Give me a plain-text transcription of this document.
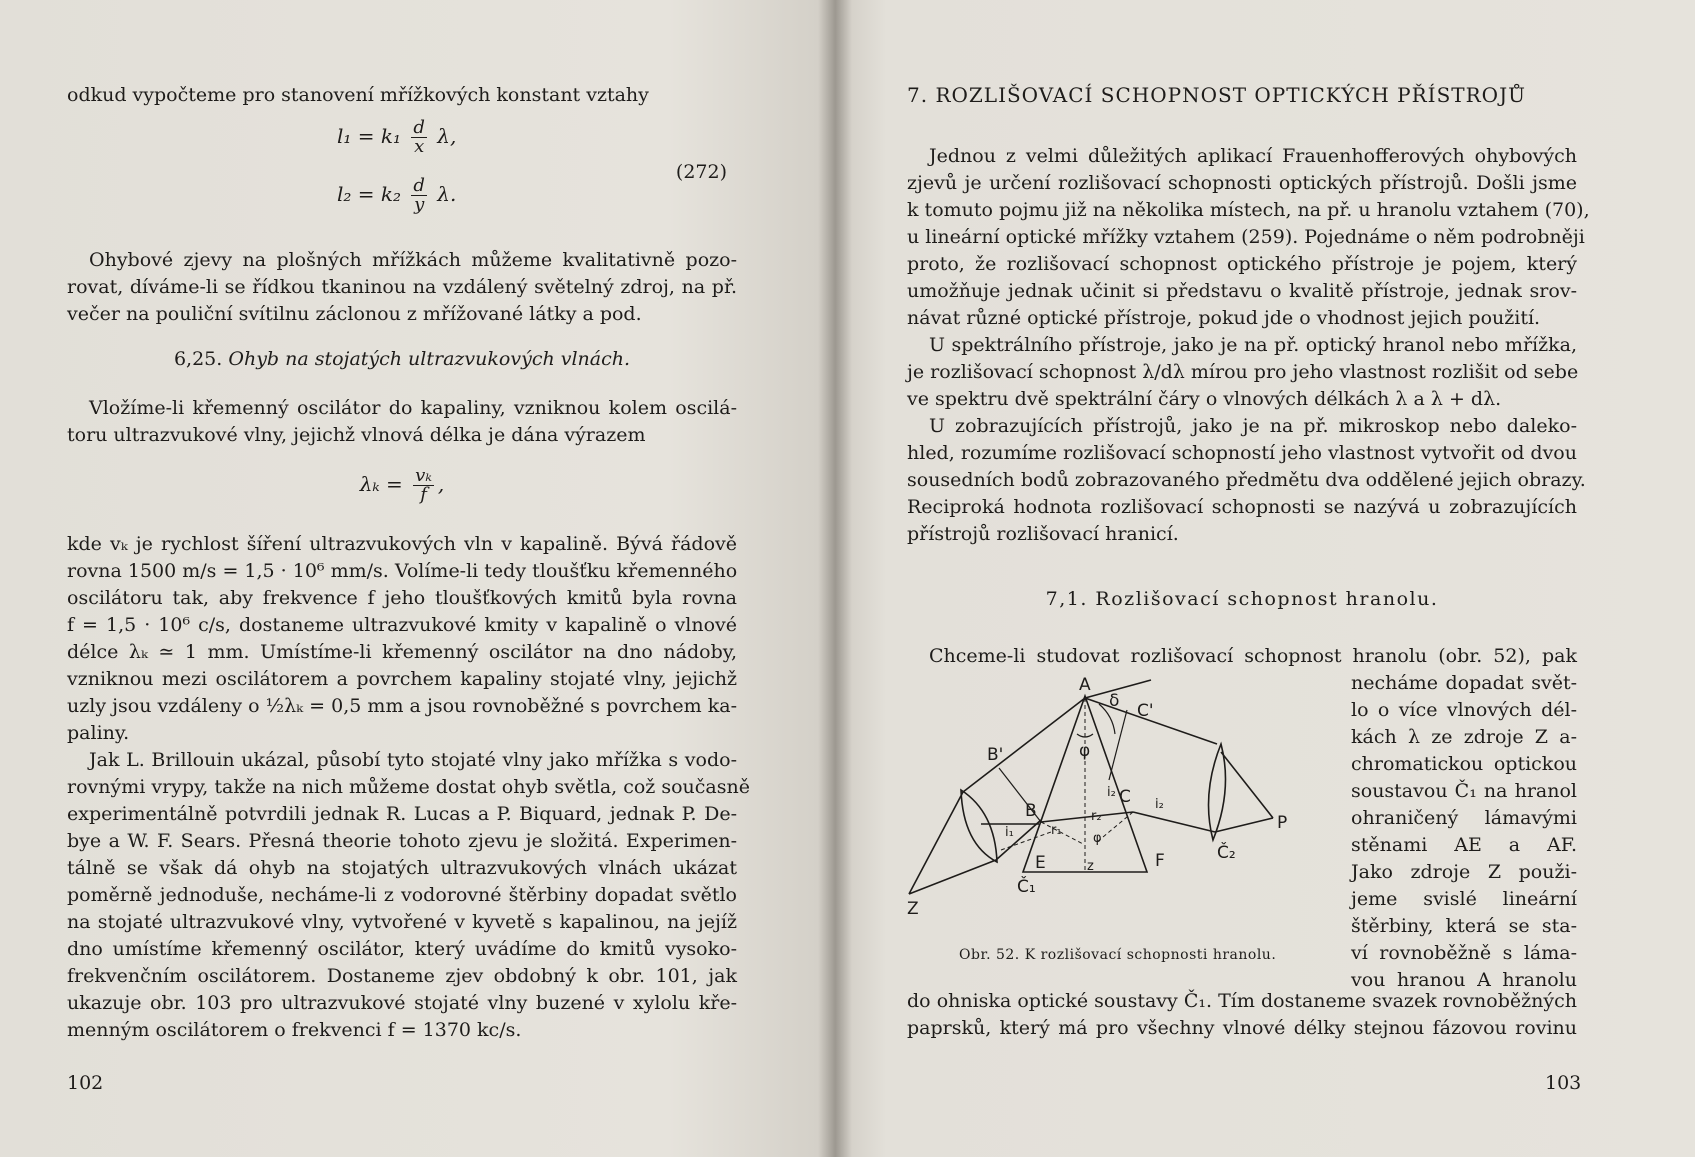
odkud vypočteme pro stanovení mřížkových konstant vztahy
$l_1 = k_1 \frac{d}{x} \lambda$,
$l_2 = k_2 \frac{d}{y} \lambda$.
(272)
Ohybové zjevy na plošných mřížkách můžeme kvalitativně pozo-
rovat, díváme-li se řídkou tkaninou na vzdálený světelný zdroj, na př.
večer na pouliční svítilnu záclonou z mřížované látky a pod.
6,25. Ohyb na stojatých ultrazvukových vlnách.
Vložíme-li křemenný oscilátor do kapaliny, vzniknou kolem oscilá-
toru ultrazvukové vlny, jejichž vlnová délka je dána výrazem
$\lambda_k = \frac{\text{vₖ}}{f}$ ,
kde vₖ je rychlost šíření ultrazvukových vln v kapalině. Bývá řádově
rovna 1500 m/s = 1,5 · 10⁶ mm/s. Volíme-li tedy tloušťku křemenného
oscilátoru tak, aby frekvence f jeho tloušťkových kmitů byla rovna
f = 1,5 · 10⁶ c/s, dostaneme ultrazvukové kmity v kapalině o vlnové
délce λₖ ≃ 1 mm. Umístíme-li křemenný oscilátor na dno nádoby,
vzniknou mezi oscilátorem a povrchem kapaliny stojaté vlny, jejichž
uzly jsou vzdáleny o ½λₖ = 0,5 mm a jsou rovnoběžné s povrchem ka-
paliny.
Jak L. Brillouin ukázal, působí tyto stojaté vlny jako mřížka s vodo-
rovnými vrypy, takže na nich můžeme dostat ohyb světla, což současně
experimentálně potvrdili jednak R. Lucas a P. Biquard, jednak P. De-
bye a W. F. Sears. Přesná theorie tohoto zjevu je složitá. Experimen-
tálně se však dá ohyb na stojatých ultrazvukových vlnách ukázat
poměrně jednoduše, necháme-li z vodorovné štěrbiny dopadat světlo
na stojaté ultrazvukové vlny, vytvořené v kyvetě s kapalinou, na jejíž
dno umístíme křemenný oscilátor, který uvádíme do kmitů vysoko-
frekvenčním oscilátorem. Dostaneme zjev obdobný k obr. 101, jak
ukazuje obr. 103 pro ultrazvukové stojaté vlny buzené v xylolu kře-
menným oscilátorem o frekvenci f = 1370 kc/s.
102
7. ROZLIŠOVACÍ SCHOPNOST OPTICKÝCH PŘÍSTROJŮ
Jednou z velmi důležitých aplikací Frauenhofferových ohybových
zjevů je určení rozlišovací schopnosti optických přístrojů. Došli jsme
k tomuto pojmu již na několika místech, na př. u hranolu vztahem (70),
u lineární optické mřížky vztahem (259). Pojednáme o něm podrobněji
proto, že rozlišovací schopnost optického přístroje je pojem, který
umožňuje jednak učinit si představu o kvalitě přístroje, jednak srov-
návat různé optické přístroje, pokud jde o vhodnost jejich použití.
U spektrálního přístroje, jako je na př. optický hranol nebo mřížka,
je rozlišovací schopnost λ/dλ mírou pro jeho vlastnost rozlišit od sebe
ve spektru dvě spektrální čáry o vlnových délkách λ a λ + dλ.
U zobrazujících přístrojů, jako je na př. mikroskop nebo daleko-
hled, rozumíme rozlišovací schopností jeho vlastnost vytvořit od dvou
sousedních bodů zobrazovaného předmětu dva oddělené jejich obrazy.
Reciproká hodnota rozlišovací schopnosti se nazývá u zobrazujících
přístrojů rozlišovací hranicí.
7,1. Rozlišovací schopnost hranolu.
Chceme-li studovat rozlišovací schopnost hranolu (obr. 52), pak
A
δ C'
B'	φ
i₂ C i₂
B	r₂
i₁	r₁
φ
P
E	F
z
Č₂
Č₁
Z
Obr. 52. K rozlišovací schopnosti hranolu.
necháme dopadat svět-
lo o více vlnových dél-
kách λ ze zdroje Z a-
chromatickou optickou
soustavou Č₁ na hranol
ohraničený lámavými
stěnami AE a AF.
Jako zdroje Z použi-
jeme svislé lineární
štěrbiny, která se sta-
ví rovnoběžně s láma-
vou hranou A hranolu
do ohniska optické soustavy Č₁. Tím dostaneme svazek rovnoběžných
paprsků, který má pro všechny vlnové délky stejnou fázovou rovinu
103
